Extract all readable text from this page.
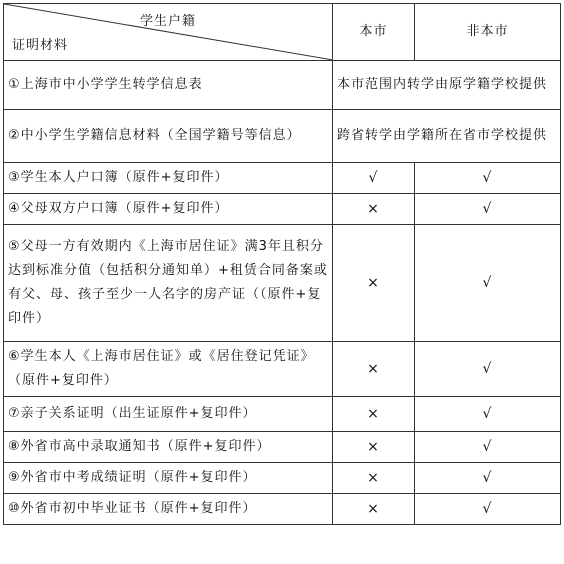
学生户籍
证明材料	本市	非本市
①上海市中小学学生转学信息表	本市范围内转学由原学籍学校提供	
②中小学生学籍信息材料（全国学籍号等信息）	跨省转学由学籍所在省市学校提供	
③学生本人户口簿（原件+复印件）	√	√
④父母双方户口簿（原件+复印件）	×	√
⑤父母一方有效期内《上海市居住证》满3年且积分达到标准分值（包括积分通知单）+租赁合同备案或有父、母、孩子至少一人名字的房产证（（原件+复印件）	×	√
⑥学生本人《上海市居住证》或《居住登记凭证》（原件+复印件）	×	√
⑦亲子关系证明（出生证原件+复印件）	×	√
⑧外省市高中录取通知书（原件+复印件）	×	√
⑨外省市中考成绩证明（原件+复印件）	×	√
⑩外省市初中毕业证书（原件+复印件）	×	√
